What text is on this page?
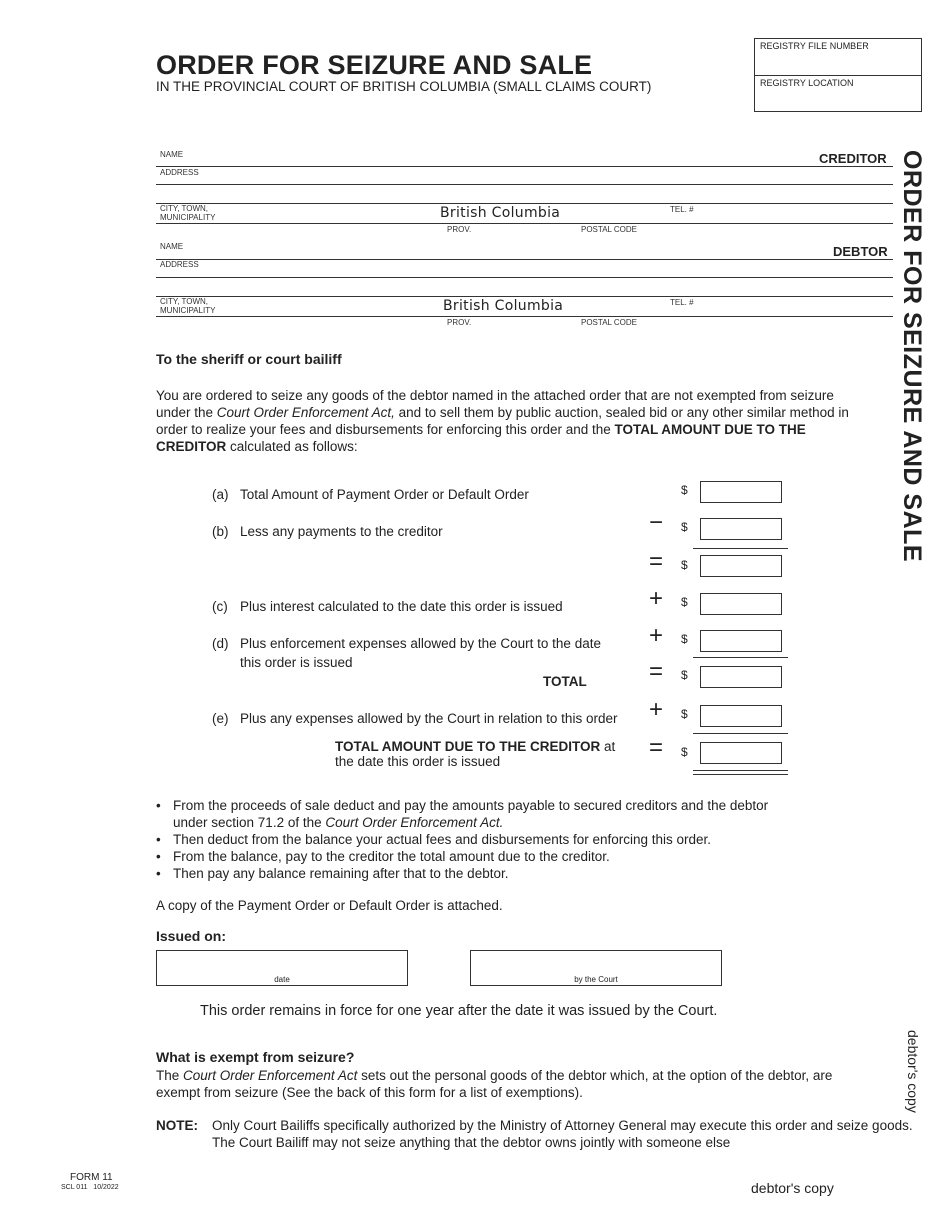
ORDER FOR SEIZURE AND SALE
IN THE PROVINCIAL COURT OF BRITISH COLUMBIA (SMALL CLAIMS COURT)
REGISTRY FILE NUMBER
REGISTRY LOCATION
ORDER FOR SEIZURE AND SALE
NAME	CREDITOR
ADDRESS
CITY, TOWN,
MUNICIPALITY	British Columbia	TEL. #
PROV.	POSTAL CODE
NAME	DEBTOR
ADDRESS
CITY, TOWN,
MUNICIPALITY	British Columbia	TEL. #
PROV.	POSTAL CODE
To the sheriff or court bailiff
You are ordered to seize any goods of the debtor named in the attached order that are not exempted from seizure under the Court Order Enforcement Act, and to sell them by public auction, sealed bid or any other similar method in order to realize your fees and disbursements for enforcing this order and the TOTAL AMOUNT DUE TO THE CREDITOR calculated as follows:
(a) Total Amount of Payment Order or Default Order	$
(b) Less any payments to the creditor	− $
= $
(c) Plus interest calculated to the date this order is issued	+ $
(d) Plus enforcement expenses allowed by the Court to the date
this order is issued
+ $
TOTAL	= $
(e) Plus any expenses allowed by the Court in relation to this order + $
TOTAL AMOUNT DUE TO THE CREDITOR at
the date this order is issued
= $
• From the proceeds of sale deduct and pay the amounts payable to secured creditors and the debtor under section 71.2 of the Court Order Enforcement Act.
• Then deduct from the balance your actual fees and disbursements for enforcing this order.
• From the balance, pay to the creditor the total amount due to the creditor.
• Then pay any balance remaining after that to the debtor.
A copy of the Payment Order or Default Order is attached.
Issued on:
date	by the Court
This order remains in force for one year after the date it was issued by the Court.
What is exempt from seizure?
The Court Order Enforcement Act sets out the personal goods of the debtor which, at the option of the debtor, are exempt from seizure (See the back of this form for a list of exemptions).
NOTE: Only Court Bailiffs specifically authorized by the Ministry of Attorney General may execute this order and seize goods.
The Court Bailiff may not seize anything that the debtor owns jointly with someone else
debtor's copy
FORM 11
SCL 011   10/2022	debtor's copy
